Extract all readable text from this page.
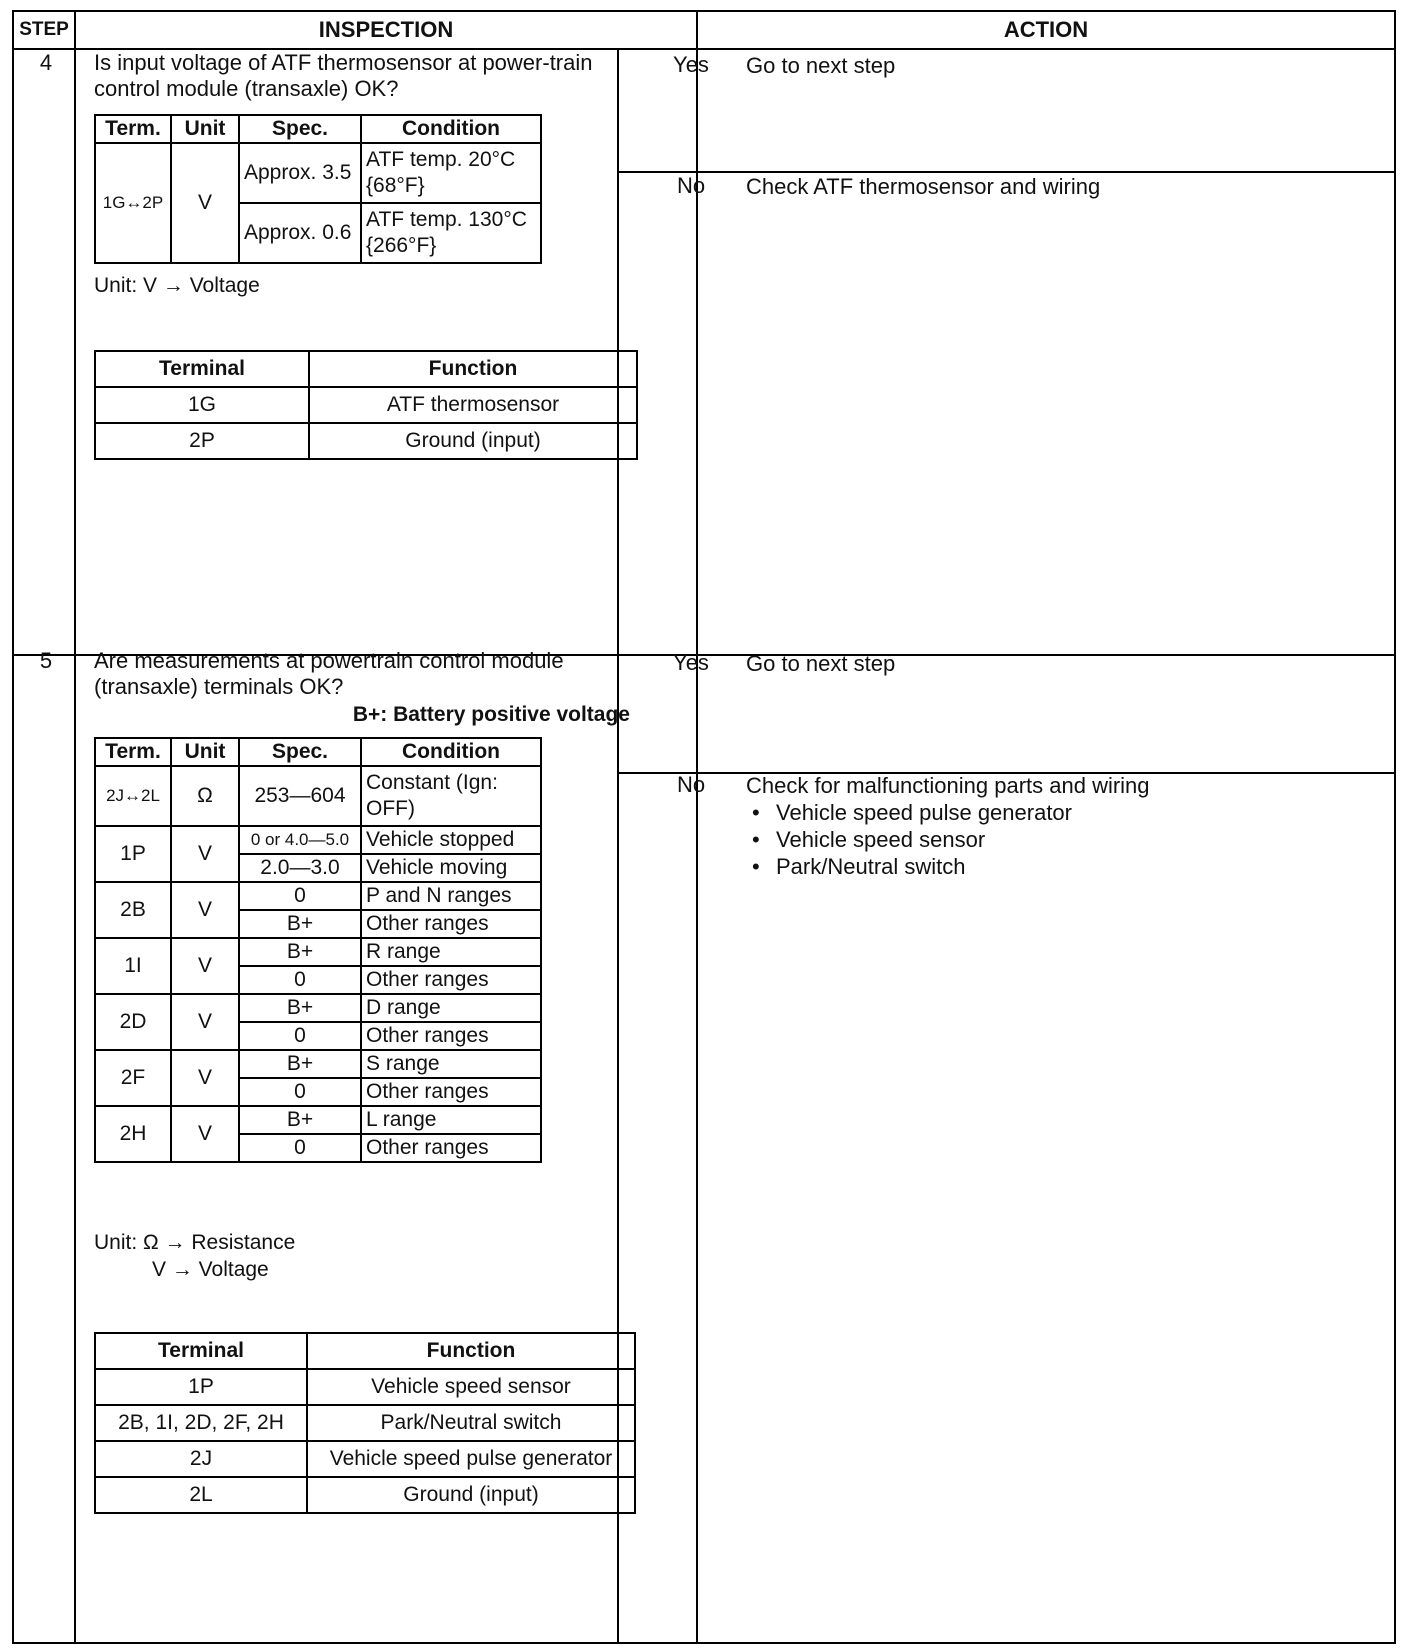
STEP	INSPECTION	ACTION
4	Is input voltage of ATF thermosensor at power-train control module (transaxle) OK?
Term.	Unit	Spec.	Condition
1G↔2P	V	Approx. 3.5	ATF temp. 20°C {68°F}
		Approx. 0.6	ATF temp. 130°C {266°F}
Unit: V → Voltage
Terminal	Function
1G	ATF thermosensor
2P	Ground (input)
Yes	Go to next step
No	Check ATF thermosensor and wiring
5	Are measurements at powertrain control module (transaxle) terminals OK?
B+: Battery positive voltage
Term.	Unit	Spec.	Condition
2J↔2L	Ω	253—604	Constant (Ign: OFF)
1P	V	0 or 4.0—5.0	Vehicle stopped
		2.0—3.0	Vehicle moving
2B	V	0	P and N ranges
		B+	Other ranges
1I	V	B+	R range
		0	Other ranges
2D	V	B+	D range
		0	Other ranges
2F	V	B+	S range
		0	Other ranges
2H	V	B+	L range
		0	Other ranges
Unit: Ω → Resistance
V → Voltage
Terminal	Function
1P	Vehicle speed sensor
2B, 1I, 2D, 2F, 2H	Park/Neutral switch
2J	Vehicle speed pulse generator
2L	Ground (input)
Yes	Go to next step
No	Check for malfunctioning parts and wiring
• Vehicle speed pulse generator
• Vehicle speed sensor
• Park/Neutral switch
